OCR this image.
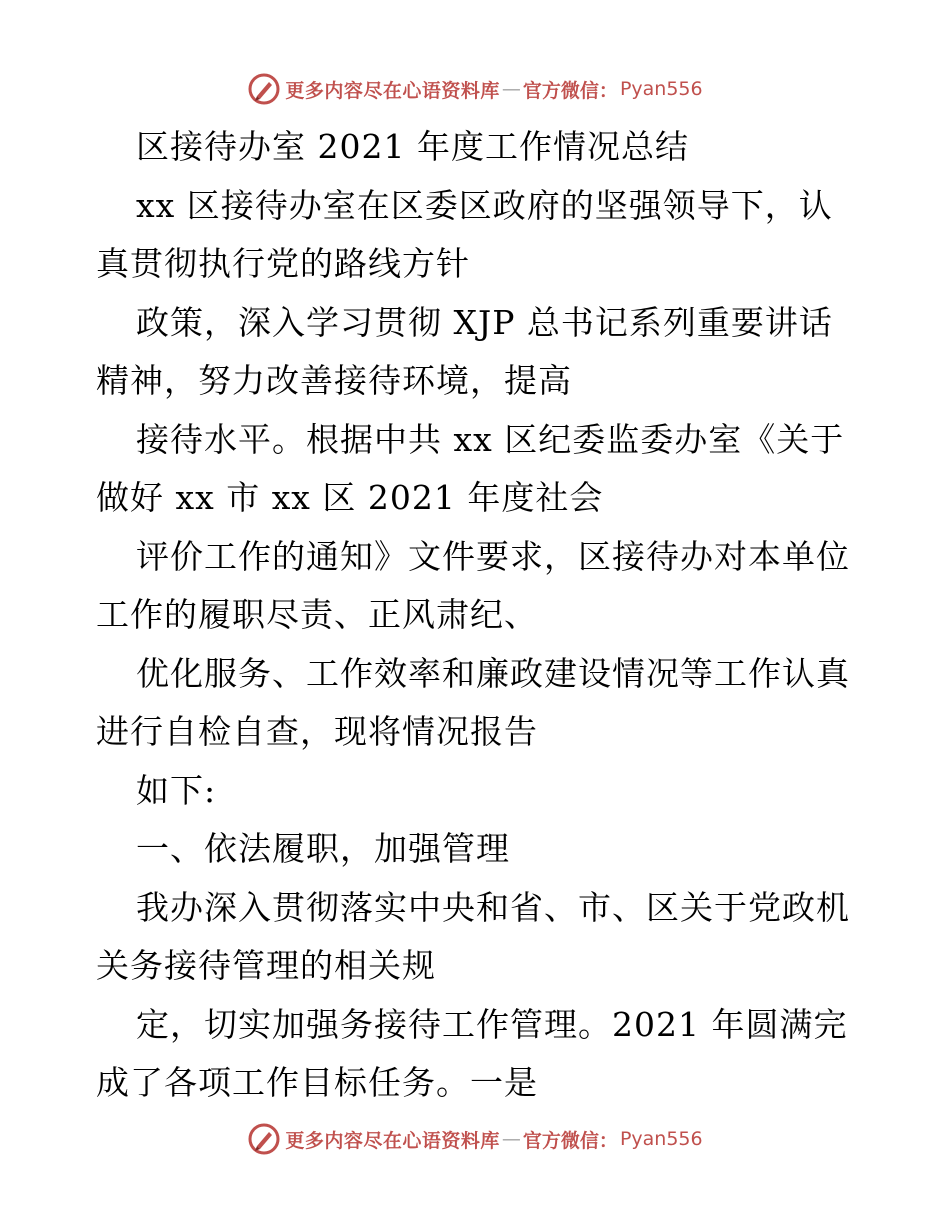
更多内容尽在心语资料库 — 官方微信： Pyan556
区接待办室 2021 年度工作情况总结
xx 区接待办室在区委区政府的坚强领导下，认
真贯彻执行党的路线方针
政策，深入学习贯彻 XJP 总书记系列重要讲话
精神，努力改善接待环境，提高
接待水平。根据中共 xx 区纪委监委办室《关于
做好 xx 市 xx 区 2021 年度社会
评价工作的通知》文件要求，区接待办对本单位
工作的履职尽责、正风肃纪、
优化服务、工作效率和廉政建设情况等工作认真
进行自检自查，现将情况报告
如下:
一、依法履职，加强管理
我办深入贯彻落实中央和省、市、区关于党政机
关务接待管理的相关规
定，切实加强务接待工作管理。2021 年圆满完
成了各项工作目标任务。一是
更多内容尽在心语资料库 — 官方微信： Pyan556
